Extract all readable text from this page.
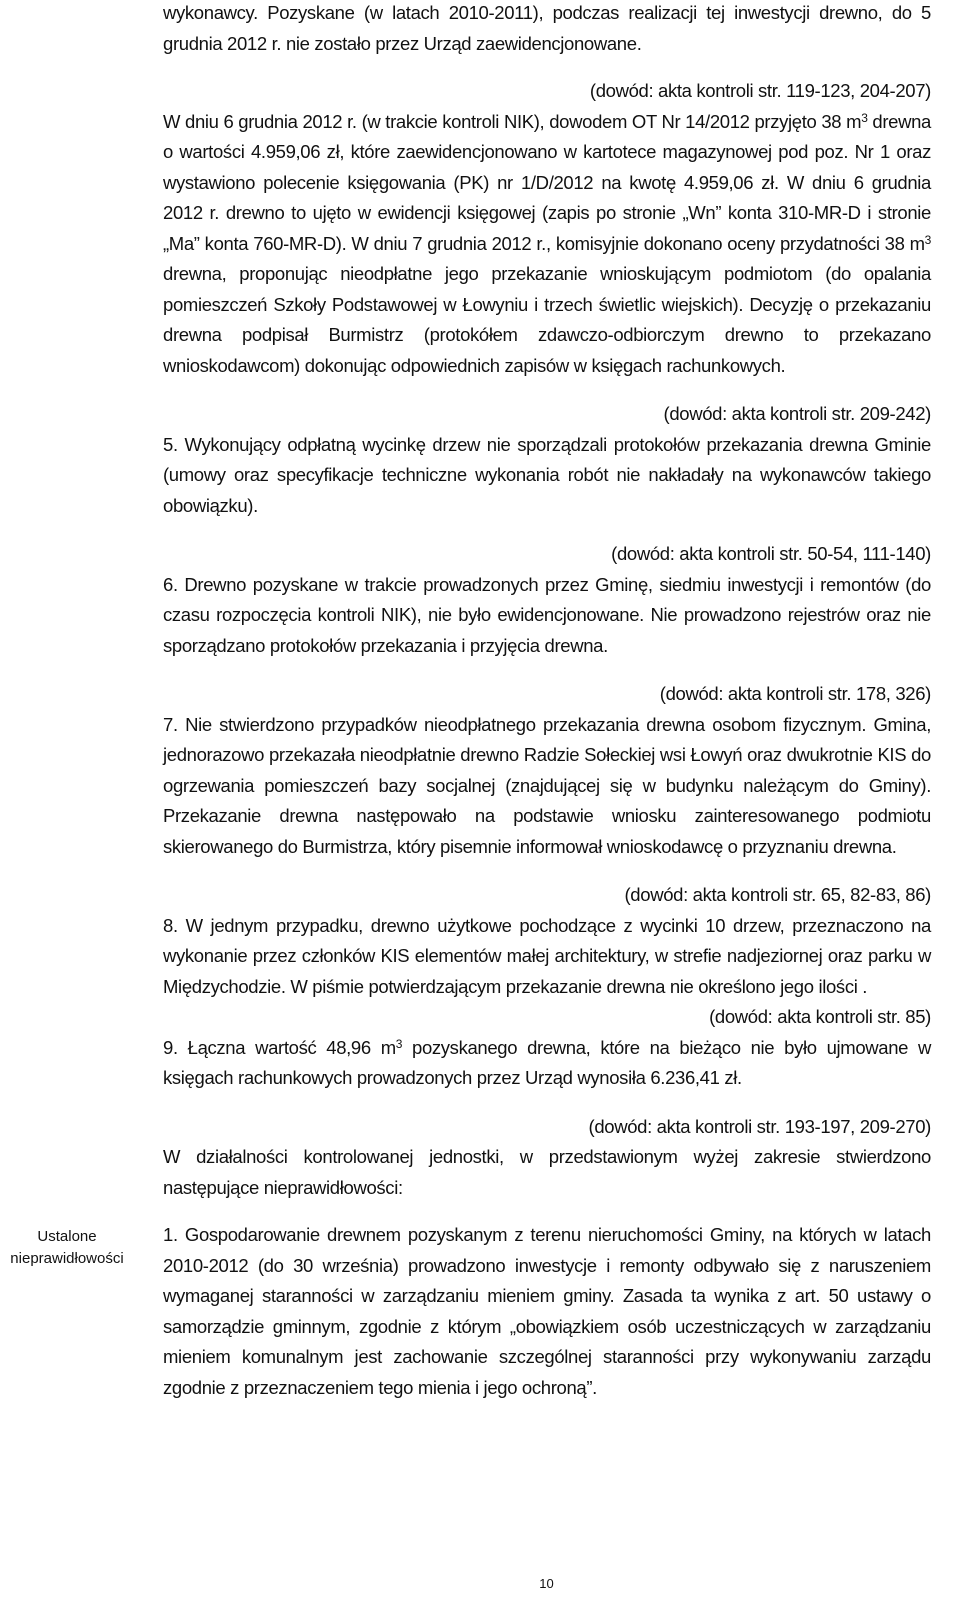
Ustalone
nieprawidłowości

wykonawcy. Pozyskane (w latach 2010-2011), podczas realizacji tej inwestycji drewno, do 5 grudnia 2012 r. nie zostało przez Urząd zaewidencjonowane.

(dowód: akta kontroli str. 119-123, 204-207)

W dniu 6 grudnia 2012 r. (w trakcie kontroli NIK), dowodem OT Nr 14/2012 przyjęto 38 $m^3$ drewna o wartości 4.959,06 zł, które zaewidencjonowano w kartotece magazynowej pod poz. Nr 1 oraz wystawiono polecenie księgowania (PK) nr 1/D/2012 na kwotę 4.959,06 zł. W dniu 6 grudnia 2012 r. drewno to ujęto w ewidencji księgowej (zapis po stronie „Wn” konta 310-MR-D i stronie „Ma” konta 760-MR-D). W dniu 7 grudnia 2012 r., komisyjnie dokonano oceny przydatności 38 $m^3$ drewna, proponując nieodpłatne jego przekazanie wnioskującym podmiotom (do opalania pomieszczeń Szkoły Podstawowej w Łowyniu i trzech świetlic wiejskich). Decyzję o przekazaniu drewna podpisał Burmistrz (protokółem zdawczo-odbiorczym drewno to przekazano wnioskodawcom) dokonując odpowiednich zapisów w księgach rachunkowych.

(dowód: akta kontroli str. 209-242)

5. Wykonujący odpłatną wycinkę drzew nie sporządzali protokołów przekazania drewna Gminie (umowy oraz specyfikacje techniczne wykonania robót nie nakładały na wykonawców takiego obowiązku).

(dowód: akta kontroli str. 50-54, 111-140)

6. Drewno pozyskane w trakcie prowadzonych przez Gminę, siedmiu inwestycji i remontów (do czasu rozpoczęcia kontroli NIK), nie było ewidencjonowane. Nie prowadzono rejestrów oraz nie sporządzano protokołów przekazania i przyjęcia drewna.

(dowód: akta kontroli str. 178, 326)

7. Nie stwierdzono przypadków nieodpłatnego przekazania drewna osobom fizycznym. Gmina, jednorazowo przekazała nieodpłatnie drewno Radzie Sołeckiej wsi Łowyń oraz dwukrotnie KIS do ogrzewania pomieszczeń bazy socjalnej (znajdującej się w budynku należącym do Gminy). Przekazanie drewna następowało na podstawie wniosku zainteresowanego podmiotu skierowanego do Burmistrza, który pisemnie informował wnioskodawcę o przyznaniu drewna.

(dowód: akta kontroli str. 65, 82-83, 86)

8. W jednym przypadku, drewno użytkowe pochodzące z wycinki 10 drzew, przeznaczono na wykonanie przez członków KIS elementów małej architektury, w strefie nadjeziornej oraz parku w Międzychodzie. W piśmie potwierdzającym przekazanie drewna nie określono jego ilości .

(dowód: akta kontroli str. 85)

9. Łączna wartość 48,96 $m^3$ pozyskanego drewna, które na bieżąco nie było ujmowane w księgach rachunkowych prowadzonych przez Urząd wynosiła 6.236,41 zł.

(dowód: akta kontroli str. 193-197, 209-270)

W działalności kontrolowanej jednostki, w przedstawionym wyżej zakresie stwierdzono następujące nieprawidłowości:

1. Gospodarowanie drewnem pozyskanym z terenu nieruchomości Gminy, na których w latach 2010-2012 (do 30 września) prowadzono inwestycje i remonty odbywało się z naruszeniem wymaganej staranności w zarządzaniu mieniem gminy. Zasada ta wynika z art. 50 ustawy o samorządzie gminnym, zgodnie z którym „obowiązkiem osób uczestniczących w zarządzaniu mieniem komunalnym jest zachowanie szczególnej staranności przy wykonywaniu zarządu zgodnie z przeznaczeniem tego mienia i jego ochroną”.

10
